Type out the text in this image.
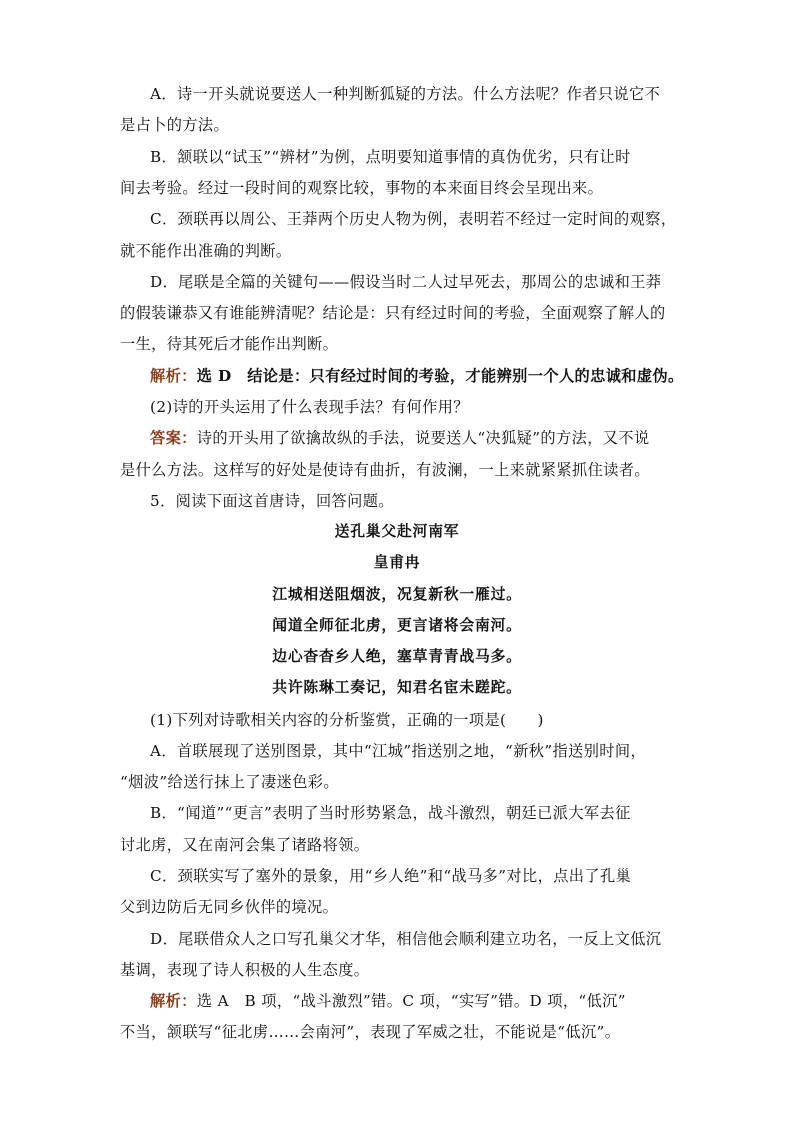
A．诗一开头就说要送人一种判断狐疑的方法。什么方法呢？作者只说它不
是占卜的方法。
B．颔联以“试玉”“辨材”为例，点明要知道事情的真伪优劣，只有让时
间去考验。经过一段时间的观察比较，事物的本来面目终会呈现出来。
C．颈联再以周公、王莽两个历史人物为例，表明若不经过一定时间的观察，
就不能作出准确的判断。
D．尾联是全篇的关键句——假设当时二人过早死去，那周公的忠诚和王莽
的假装谦恭又有谁能辨清呢？结论是：只有经过时间的考验，全面观察了解人的
一生，待其死后才能作出判断。
解析：选 D　结论是：只有经过时间的考验，才能辨别一个人的忠诚和虚伪。
(2)诗的开头运用了什么表现手法？有何作用？
答案：诗的开头用了欲擒故纵的手法，说要送人“决狐疑”的方法，又不说
是什么方法。这样写的好处是使诗有曲折，有波澜，一上来就紧紧抓住读者。
5．阅读下面这首唐诗，回答问题。
送孔巢父赴河南军
皇甫冉
江城相送阻烟波，况复新秋一雁过。
闻道全师征北虏，更言诸将会南河。
边心杳杳乡人绝，塞草青青战马多。
共许陈琳工奏记，知君名宦未蹉跎。
(1)下列对诗歌相关内容的分析鉴赏，正确的一项是(　　)
A．首联展现了送别图景，其中“江城”指送别之地，“新秋”指送别时间，
“烟波”给送行抹上了凄迷色彩。
B．“闻道”“更言”表明了当时形势紧急，战斗激烈，朝廷已派大军去征
讨北虏，又在南河会集了诸路将领。
C．颈联实写了塞外的景象，用“乡人绝”和“战马多”对比，点出了孔巢
父到边防后无同乡伙伴的境况。
D．尾联借众人之口写孔巢父才华，相信他会顺利建立功名，一反上文低沉
基调，表现了诗人积极的人生态度。
解析：选 A　B 项，“战斗激烈”错。C 项，“实写”错。D 项，“低沉”
不当，颔联写“征北虏……会南河”，表现了军威之壮，不能说是“低沉”。
